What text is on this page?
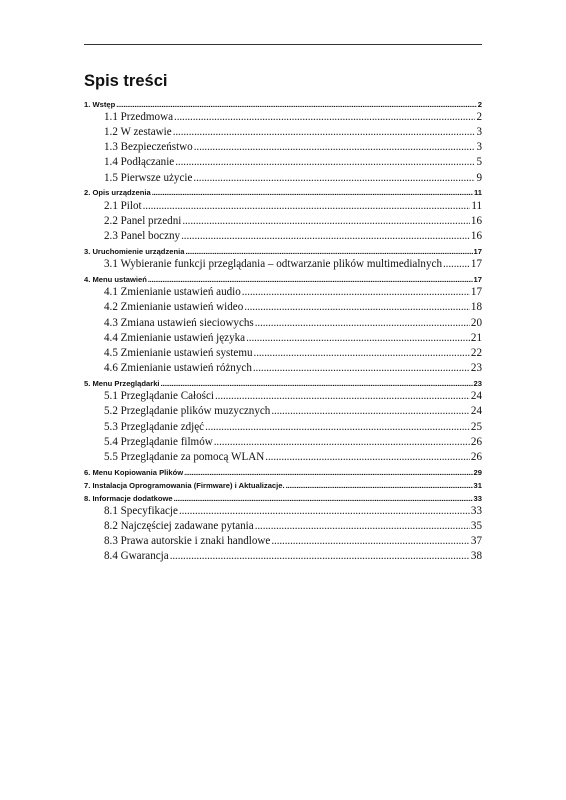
Spis treści
1. Wstęp .....	2
1.1 Przedmowa .....	2
1.2 W zestawie .....	3
1.3 Bezpieczeństwo .....	3
1.4 Podłączanie .....	5
1.5 Pierwsze użycie .....	9
2. Opis urządzenia .....	11
2.1 Pilot .....	11
2.2 Panel przedni .....	16
2.3 Panel boczny .....	16
3. Uruchomienie urządzenia .....	17
3.1 Wybieranie funkcji przeglądania – odtwarzanie plików multimedialnych .....	17
4. Menu ustawień .....	17
4.1 Zmienianie ustawień audio .....	17
4.2 Zmienianie ustawień wideo .....	18
4.3 Zmiana ustawień sieciowychs .....	20
4.4 Zmienianie ustawień języka .....	21
4.5 Zmienianie ustawień systemu .....	22
4.6 Zmienianie ustawień różnych .....	23
5. Menu Przeglądarki .....	23
5.1 Przeglądanie Całości .....	24
5.2 Przeglądanie plików muzycznych .....	24
5.3 Przeglądanie zdjęć .....	25
5.4 Przeglądanie filmów .....	26
5.5 Przeglądanie za pomocą WLAN .....	26
6. Menu Kopiowania Plików .....	29
7. Instalacja Oprogramowania (Firmware) i Aktualizacje. .....	31
8. Informacje dodatkowe .....	33
8.1 Specyfikacje .....	33
8.2 Najczęściej zadawane pytania .....	35
8.3 Prawa autorskie i znaki handlowe .....	37
8.4 Gwarancja .....	38
